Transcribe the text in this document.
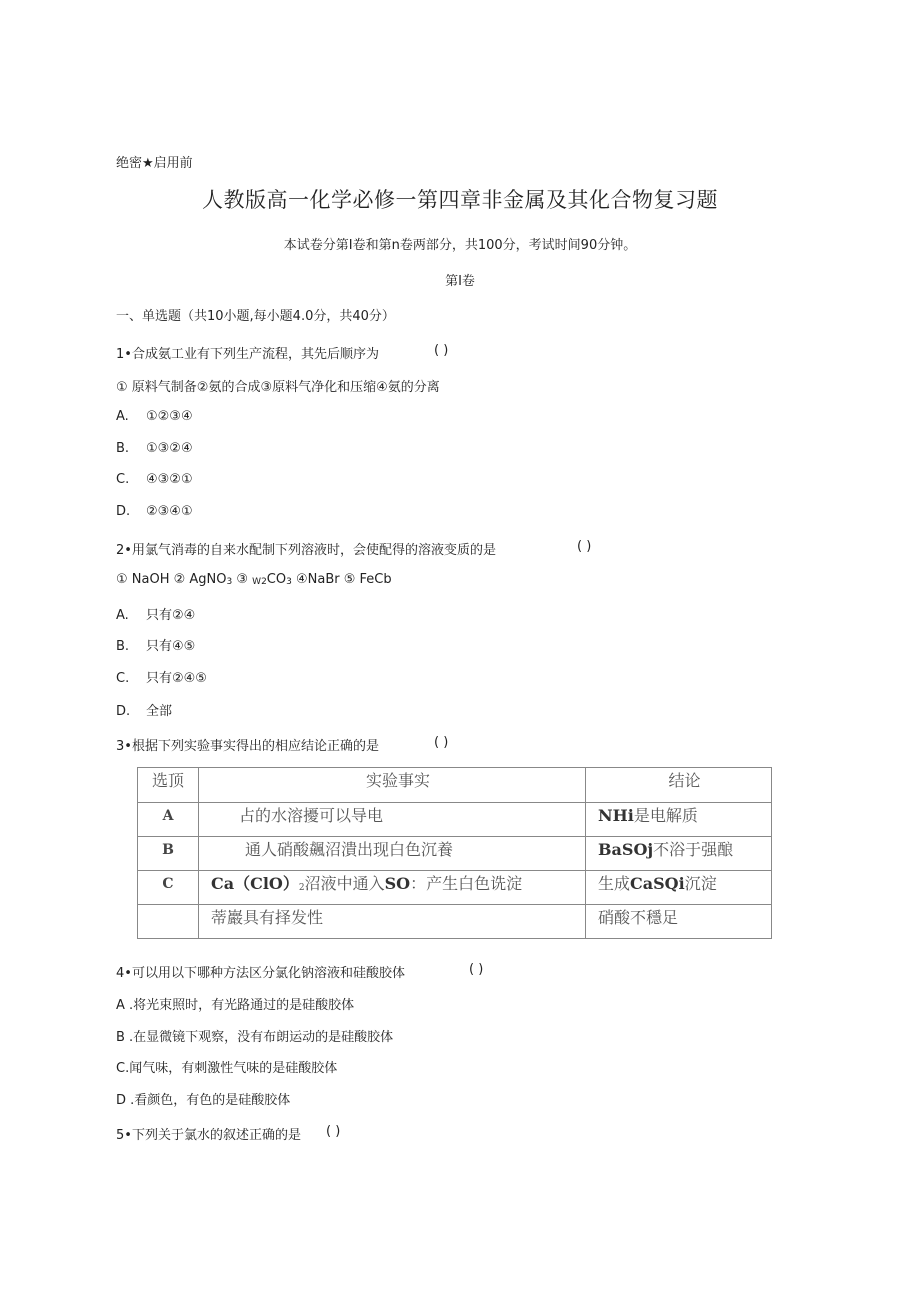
绝密★启用前
人教版高一化学必修一第四章非金属及其化合物复习题
本试卷分第Ⅰ卷和第n卷两部分，共100分，考试时间90分钟。
第Ⅰ卷
一、单选题（共10小题,每小题4.0分，共40分）
1•合成氨工业有下列生产流程，其先后顺序为	( )
① 原料气制备②氨的合成③原料气净化和压缩④氨的分离
A. ①②③④
B. ①③②④
C. ④③②①
D. ②③④①
2•用氯气消毒的自来水配制下列溶液时，会使配得的溶液变质的是	( )
① NaOH ② AgNO3 ③ W2CO3 ④NaBr ⑤ FeCb
A. 只有②④
B. 只有④⑤
C. 只有②④⑤
D. 全部
3•根据下列实验事实得出的相应结论正确的是	( )
选顶	实验事实	结论
A	占的水溶擾可以导电	NHi是电解质
B	通人硝酸飆沼潰出现白色沉養	BaSOj不浴于强酿
C	Ca（ClO）2沼液中通入SO：产生白色诜淀	生成CaSQi沉淀
	蒂巖具有择发性	硝酸不穩足
4•可以用以下哪种方法区分氯化钠溶液和硅酸胶体	( )
A .将光束照时，有光路通过的是硅酸胶体
B .在显微镜下观察，没有布朗运动的是硅酸胶体
C.闻气味，有刺激性气味的是硅酸胶体
D .看颜色，有色的是硅酸胶体
5•下列关于氯水的叙述正确的是 ( )
